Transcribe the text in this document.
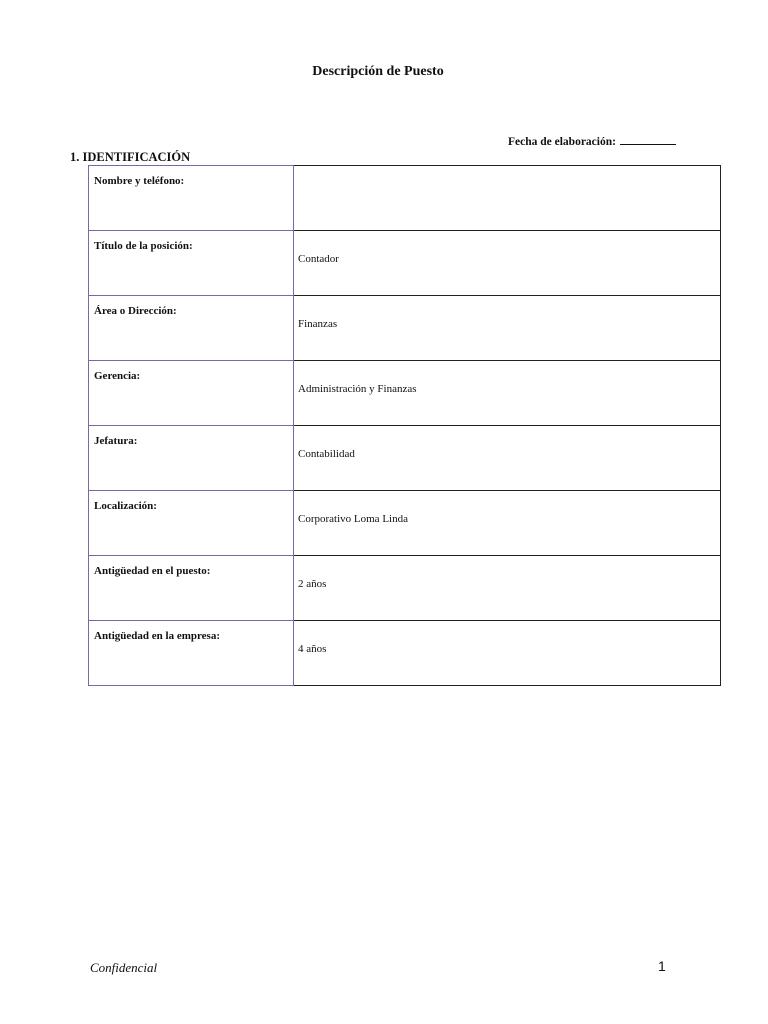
Descripción de Puesto
Fecha de elaboración:
1. IDENTIFICACIÓN
Nombre y teléfono:	

Título de la posición:	Contador

Área o Dirección:	Finanzas

Gerencia:	Administración y Finanzas

Jefatura:	Contabilidad

Localización:	Corporativo Loma Linda

Antigüedad en el puesto:	2 años

Antigüedad en la empresa:	4 años
Confidencial	1
